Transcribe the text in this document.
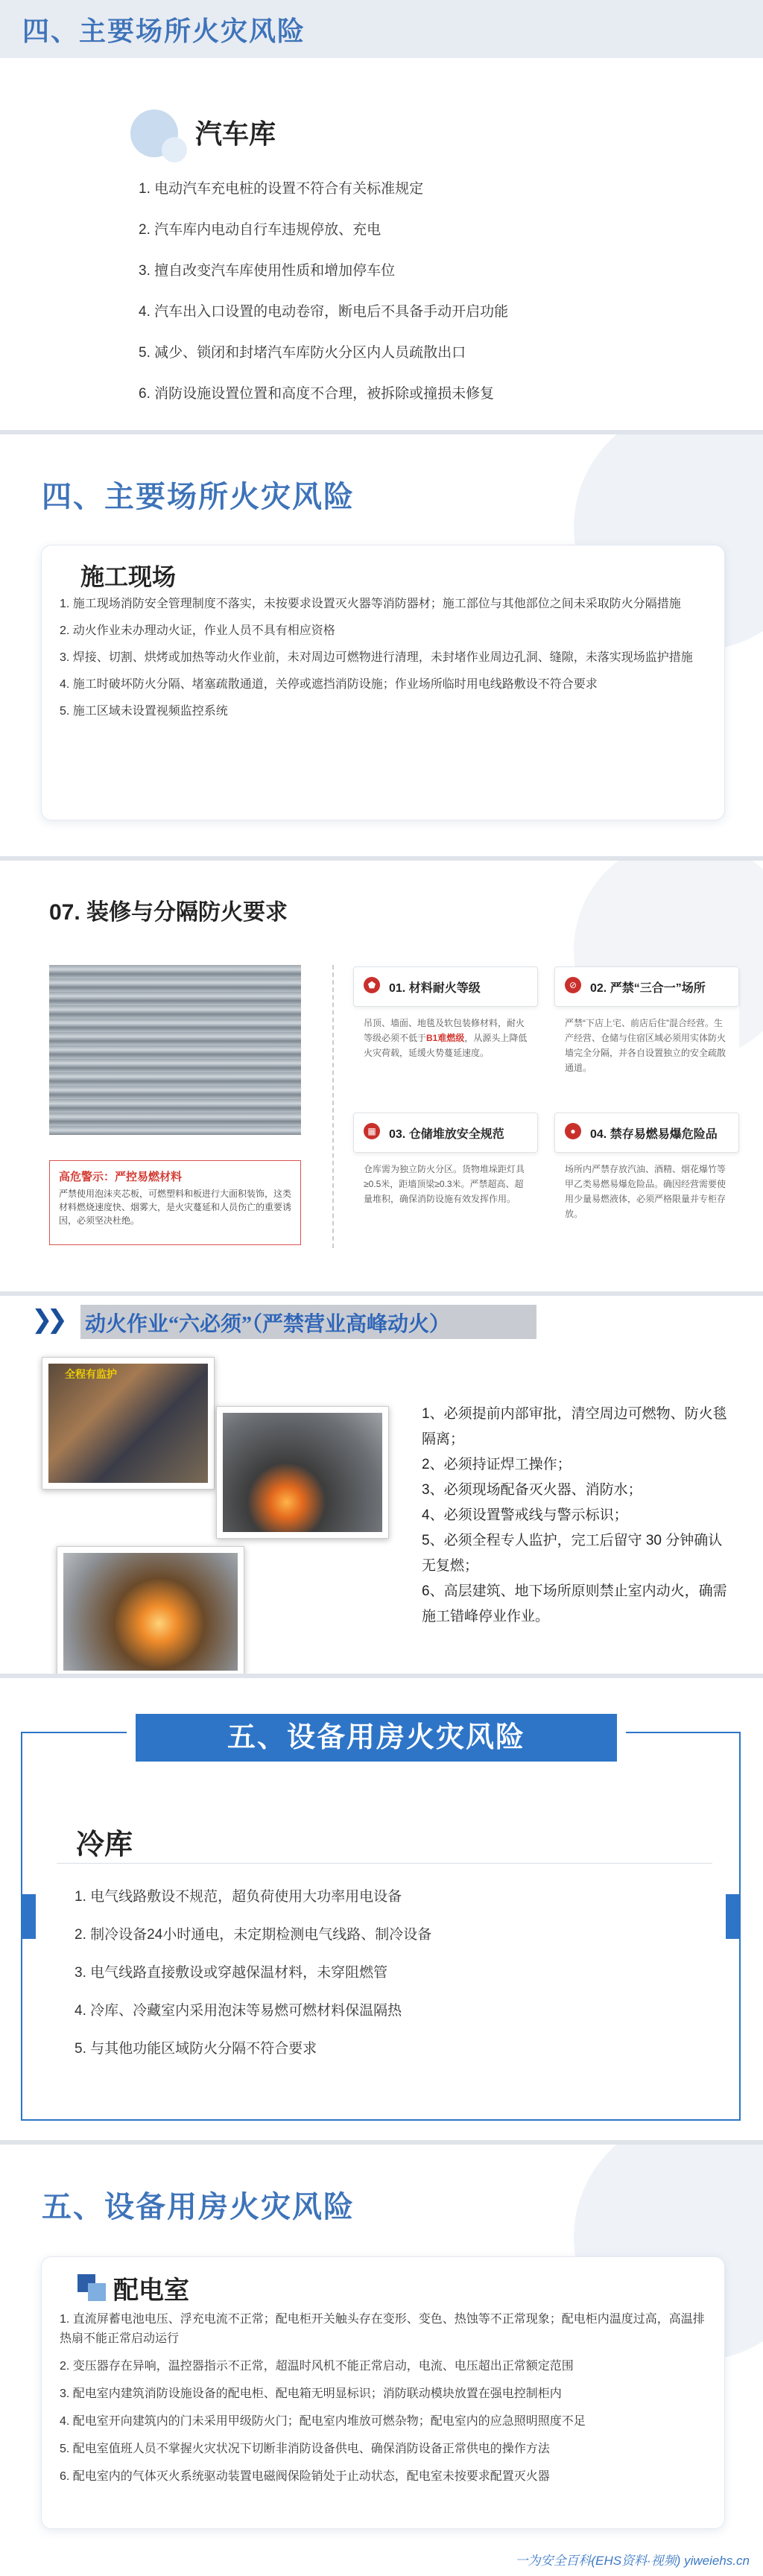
四、主要场所火灾风险
汽车库
1. 电动汽车充电桩的设置不符合有关标准规定
2. 汽车库内电动自行车违规停放、充电
3. 擅自改变汽车库使用性质和增加停车位
4. 汽车出入口设置的电动卷帘，断电后不具备手动开启功能
5. 减少、锁闭和封堵汽车库防火分区内人员疏散出口
6. 消防设施设置位置和高度不合理，被拆除或撞损未修复
四、主要场所火灾风险
施工现场
1. 施工现场消防安全管理制度不落实，未按要求设置灭火器等消防器材；施工部位与其他部位之间未采取防火分隔措施
2. 动火作业未办理动火证，作业人员不具有相应资格
3. 焊接、切割、烘烤或加热等动火作业前，未对周边可燃物进行清理，未封堵作业周边孔洞、缝隙，未落实现场监护措施
4. 施工时破坏防火分隔、堵塞疏散通道，关停或遮挡消防设施；作业场所临时用电线路敷设不符合要求
5. 施工区域未设置视频监控系统
07. 装修与分隔防火要求
高危警示：严控易燃材料
严禁使用泡沫夹芯板，可燃塑料和板进行大面积装饰，这类材料燃烧速度快、烟雾大，是火灾蔓延和人员伤亡的重要诱因，必须坚决杜绝。
⬟	01. 材料耐火等级
吊顶、墙面、地毯及软包装修材料，耐火等级必须不低于B1难燃级，从源头上降低火灾荷载，延缓火势蔓延速度。
⊘	02. 严禁“三合一”场所
严禁“下店上宅、前店后住”混合经营。生产经营、仓储与住宿区域必须用实体防火墙完全分隔，并各自设置独立的安全疏散通道。
▦	03. 仓储堆放安全规范
仓库需为独立防火分区。货物堆垛距灯具≥0.5米，距墙顶梁≥0.3米。严禁超高、超量堆积，确保消防设施有效发挥作用。
●	04. 禁存易燃易爆危险品
场所内严禁存放汽油、酒精、烟花爆竹等甲乙类易燃易爆危险品。确因经营需要使用少量易燃液体，必须严格限量并专柜存放。
❯❯ 动火作业“六必须”（严禁营业高峰动火）
全程有监护

1、必须提前内部审批，清空周边可燃物、防火毯隔离；

2、必须持证焊工操作；

3、必须现场配备灭火器、消防水；

4、必须设置警戒线与警示标识；

5、必须全程专人监护，完工后留守 30 分钟确认无复燃；

6、高层建筑、地下场所原则禁止室内动火，确需施工错峰停业作业。

五、设备用房火灾风险
冷库
1. 电气线路敷设不规范，超负荷使用大功率用电设备
2. 制冷设备24小时通电，未定期检测电气线路、制冷设备
3. 电气线路直接敷设或穿越保温材料，未穿阻燃管
4. 冷库、冷藏室内采用泡沫等易燃可燃材料保温隔热
5. 与其他功能区域防火分隔不符合要求
五、设备用房火灾风险
配电室
1. 直流屏蓄电池电压、浮充电流不正常；配电柜开关触头存在变形、变色、热蚀等不正常现象；配电柜内温度过高，高温排热扇不能正常启动运行
2. 变压器存在异响，温控器指示不正常，超温时风机不能正常启动，电流、电压超出正常额定范围
3. 配电室内建筑消防设施设备的配电柜、配电箱无明显标识；消防联动模块放置在强电控制柜内
4. 配电室开向建筑内的门未采用甲级防火门；配电室内堆放可燃杂物；配电室内的应急照明照度不足
5. 配电室值班人员不掌握火灾状况下切断非消防设备供电、确保消防设备正常供电的操作方法
6. 配电室内的气体灭火系统驱动装置电磁阀保险销处于止动状态，配电室未按要求配置灭火器
一为安全百科(EHS资料·视频) yiweiehs.cn
